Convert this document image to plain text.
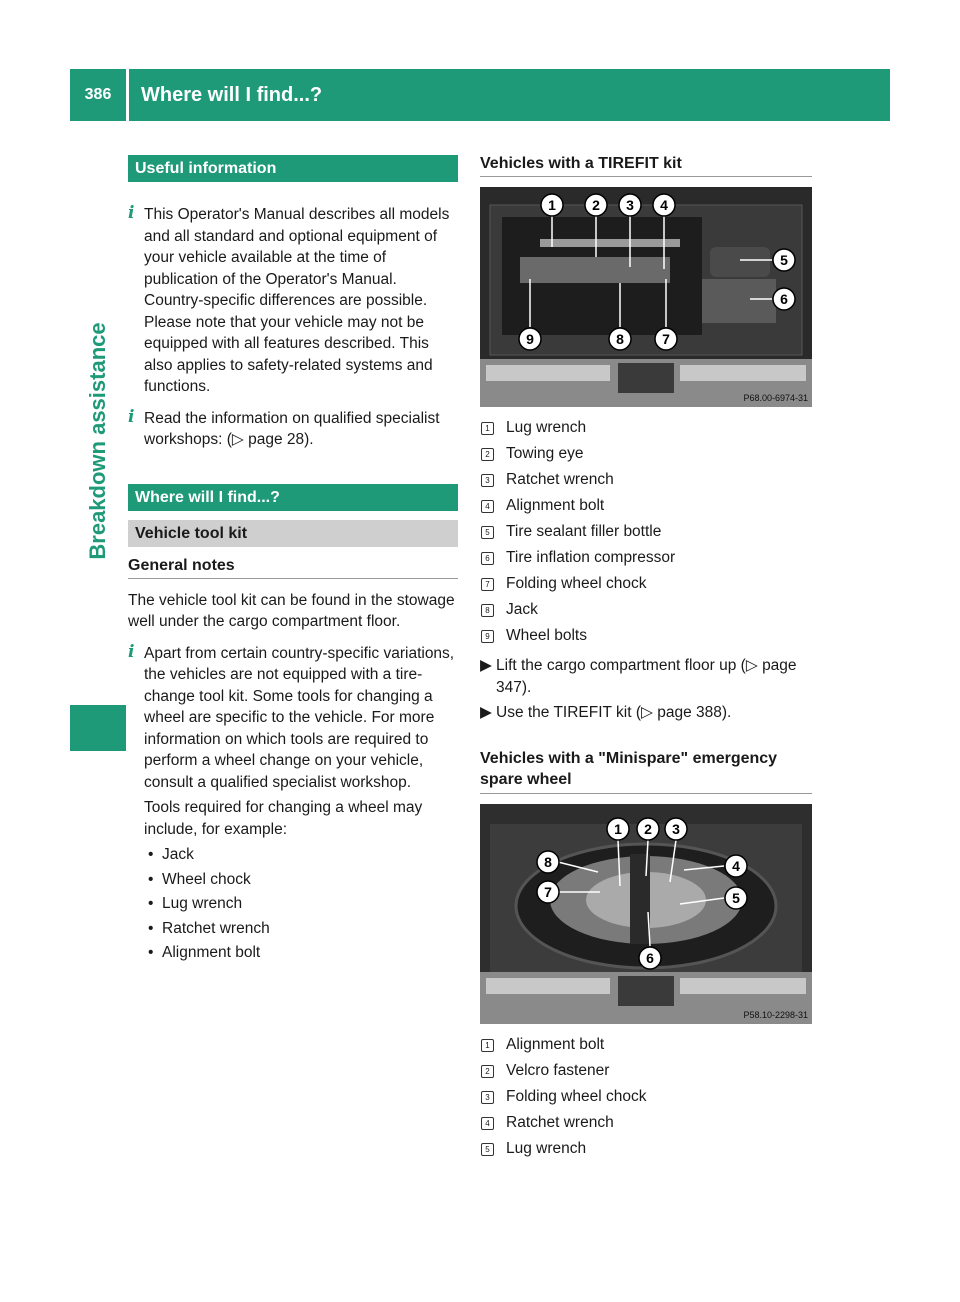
386	Where will I find...?
Breakdown assistance
Useful information

i This Operator's Manual describes all models and all standard and optional equipment of your vehicle available at the time of publication of the Operator's Manual. Country-specific differences are possible. Please note that your vehicle may not be equipped with all features described. This also applies to safety-related systems and functions.

i Read the information on qualified specialist workshops: (▷ page 28).

Where will I find...?
Vehicle tool kit
General notes

The vehicle tool kit can be found in the stowage well under the cargo compartment floor.

i Apart from certain country-specific variations, the vehicles are not equipped with a tire-change tool kit. Some tools for changing a wheel are specific to the vehicle. For more information on which tools are required to perform a wheel change on your vehicle, consult a qualified specialist workshop.

Tools required for changing a wheel may include, for example:

• Jack

• Wheel chock

• Lug wrench

• Ratchet wrench

• Alignment bolt

Vehicles with a TIREFIT kit
1	2 3 4
5
6
7
8
9
P68.00-6974-31
1 Lug wrench
2 Towing eye
3 Ratchet wrench
4 Alignment bolt
5 Tire sealant filler bottle
6 Tire inflation compressor
7 Folding wheel chock
8 Jack
9 Wheel bolts

▶ Lift the cargo compartment floor up (▷ page 347).

▶ Use the TIREFIT kit (▷ page 388).

Vehicles with a "Minispare" emergency spare wheel
1 2 3
4
5
6
7
8
P58.10-2298-31
1 Alignment bolt
2 Velcro fastener
3 Folding wheel chock
4 Ratchet wrench
5 Lug wrench
